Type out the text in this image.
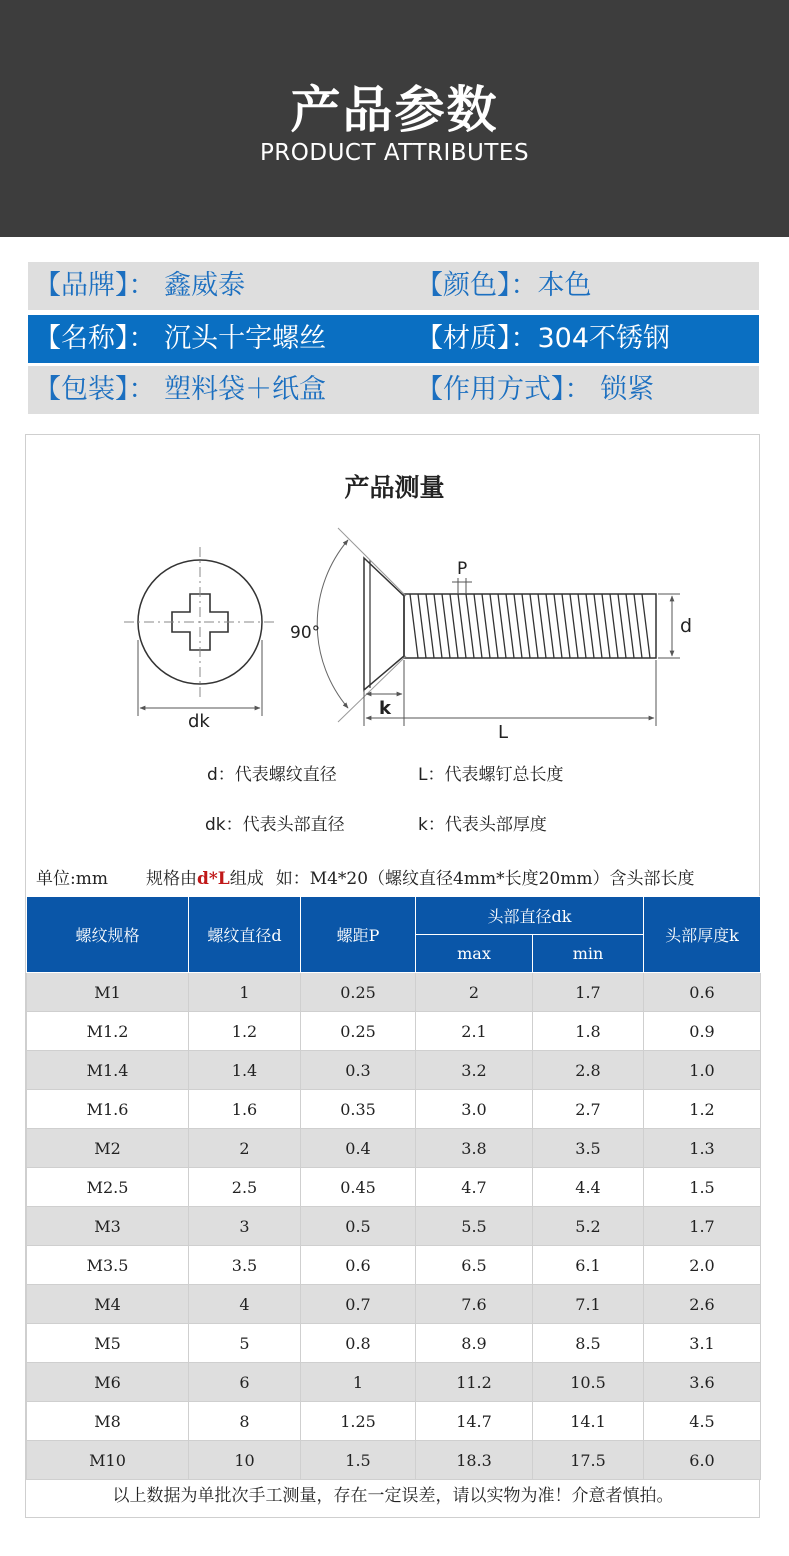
产品参数
PRODUCT ATTRIBUTES
【品牌】： 鑫威泰	【颜色】：本色
【名称】： 沉头十字螺丝	【材质】：304不锈钢
【包装】： 塑料袋＋纸盒	【作用方式】： 锁紧
产品测量
90°
P
d
dk
k
L
d：代表螺纹直径	L：代表螺钉总长度
dk：代表头部直径	k：代表头部厚度
单位:mm 规格由d*L组成 如：M4*20（螺纹直径4mm*长度20mm）含头部长度
螺纹规格	螺纹直径d	螺距P	头部直径dk		头部厚度k
			max	min	
M1	1	0.25	2	1.7	0.6
M1.2	1.2	0.25	2.1	1.8	0.9
M1.4	1.4	0.3	3.2	2.8	1.0
M1.6	1.6	0.35	3.0	2.7	1.2
M2	2	0.4	3.8	3.5	1.3
M2.5	2.5	0.45	4.7	4.4	1.5
M3	3	0.5	5.5	5.2	1.7
M3.5	3.5	0.6	6.5	6.1	2.0
M4	4	0.7	7.6	7.1	2.6
M5	5	0.8	8.9	8.5	3.1
M6	6	1	11.2	10.5	3.6
M8	8	1.25	14.7	14.1	4.5
M10	10	1.5	18.3	17.5	6.0
以上数据为单批次手工测量，存在一定误差，请以实物为准！介意者慎拍。
